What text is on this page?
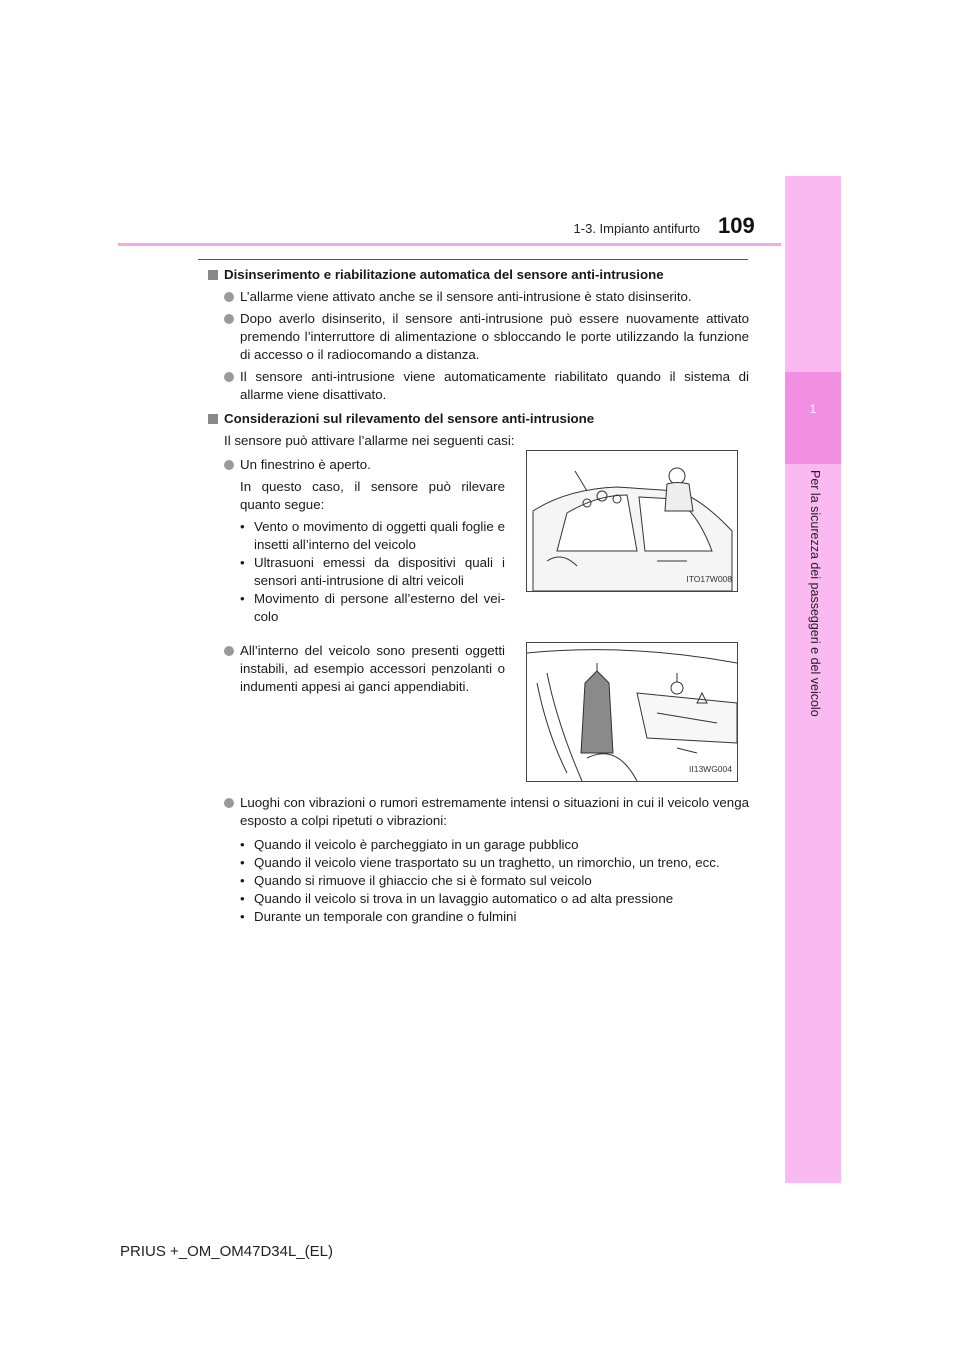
1-3. Impianto antifurto 109
1
Per la sicurezza dei passeggeri e del veicolo
Disinserimento e riabilitazione automatica del sensore anti-intrusione
L’allarme viene attivato anche se il sensore anti-intrusione è stato disinserito.
Dopo averlo disinserito, il sensore anti-intrusione può essere nuovamente attivato premendo l’interruttore di alimentazione o sbloccando le porte utilizzando la funzione di accesso o il radiocomando a distanza.
Il sensore anti-intrusione viene automaticamente riabilitato quando il sistema di allarme viene disattivato.
Considerazioni sul rilevamento del sensore anti-intrusione
Il sensore può attivare l’allarme nei seguenti casi:
Un finestrino è aperto.
In questo caso, il sensore può rilevare quanto segue:
• Vento o movimento di oggetti quali foglie e insetti all’interno del veicolo
• Ultrasuoni emessi da dispositivi quali i sensori anti-intrusione di altri veicoli
• Movimento di persone all’esterno del vei-colo
ITO17W008
All’interno del veicolo sono presenti oggetti instabili, ad esempio accessori penzolanti o indumenti appesi ai ganci appendiabiti.
II13WG004
Luoghi con vibrazioni o rumori estremamente intensi o situazioni in cui il veicolo venga esposto a colpi ripetuti o vibrazioni:
• Quando il veicolo è parcheggiato in un garage pubblico
• Quando il veicolo viene trasportato su un traghetto, un rimorchio, un treno, ecc.
• Quando si rimuove il ghiaccio che si è formato sul veicolo
• Quando il veicolo si trova in un lavaggio automatico o ad alta pressione
• Durante un temporale con grandine o fulmini
PRIUS +_OM_OM47D34L_(EL)
